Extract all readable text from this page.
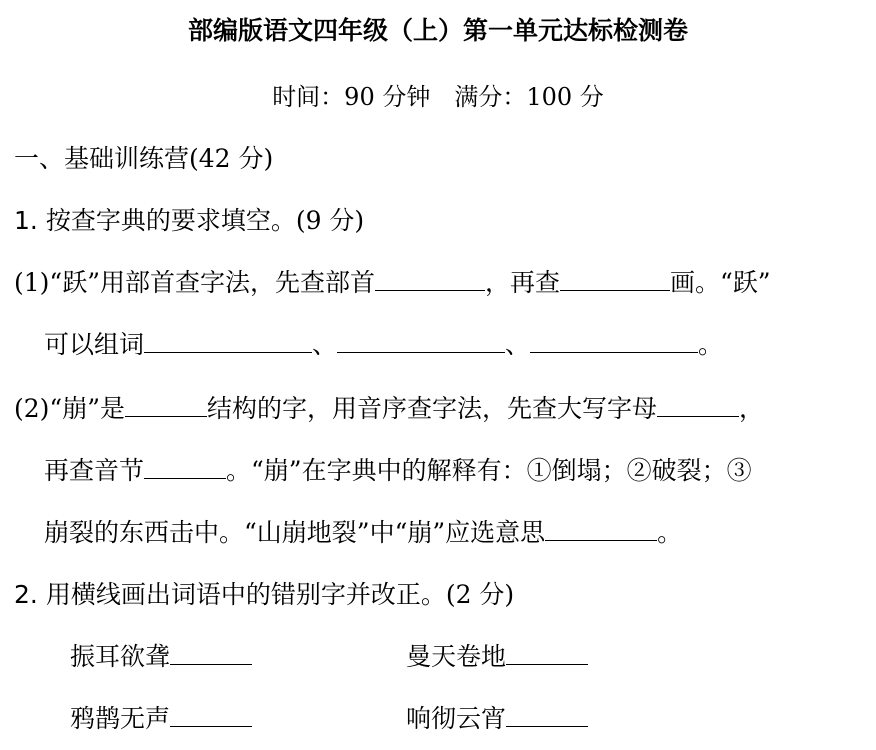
部编版语文四年级（上）第一单元达标检测卷
时间：90 分钟　满分：100 分
一、基础训练营(42 分)
1. 按查字典的要求填空。(9 分)
(1)“跃”用部首查字法，先查部首	，再查	画。“跃”
可以组词	、	、	。
(2)“崩”是	结构的字，用音序查字法，先查大写字母	，
再查音节	。“崩”在字典中的解释有：①倒塌；②破裂；③
崩裂的东西击中。“山崩地裂”中“崩”应选意思	。
2. 用横线画出词语中的错别字并改正。(2 分)
振耳欲聋	曼天卷地
鸦鹊无声	响彻云宵
